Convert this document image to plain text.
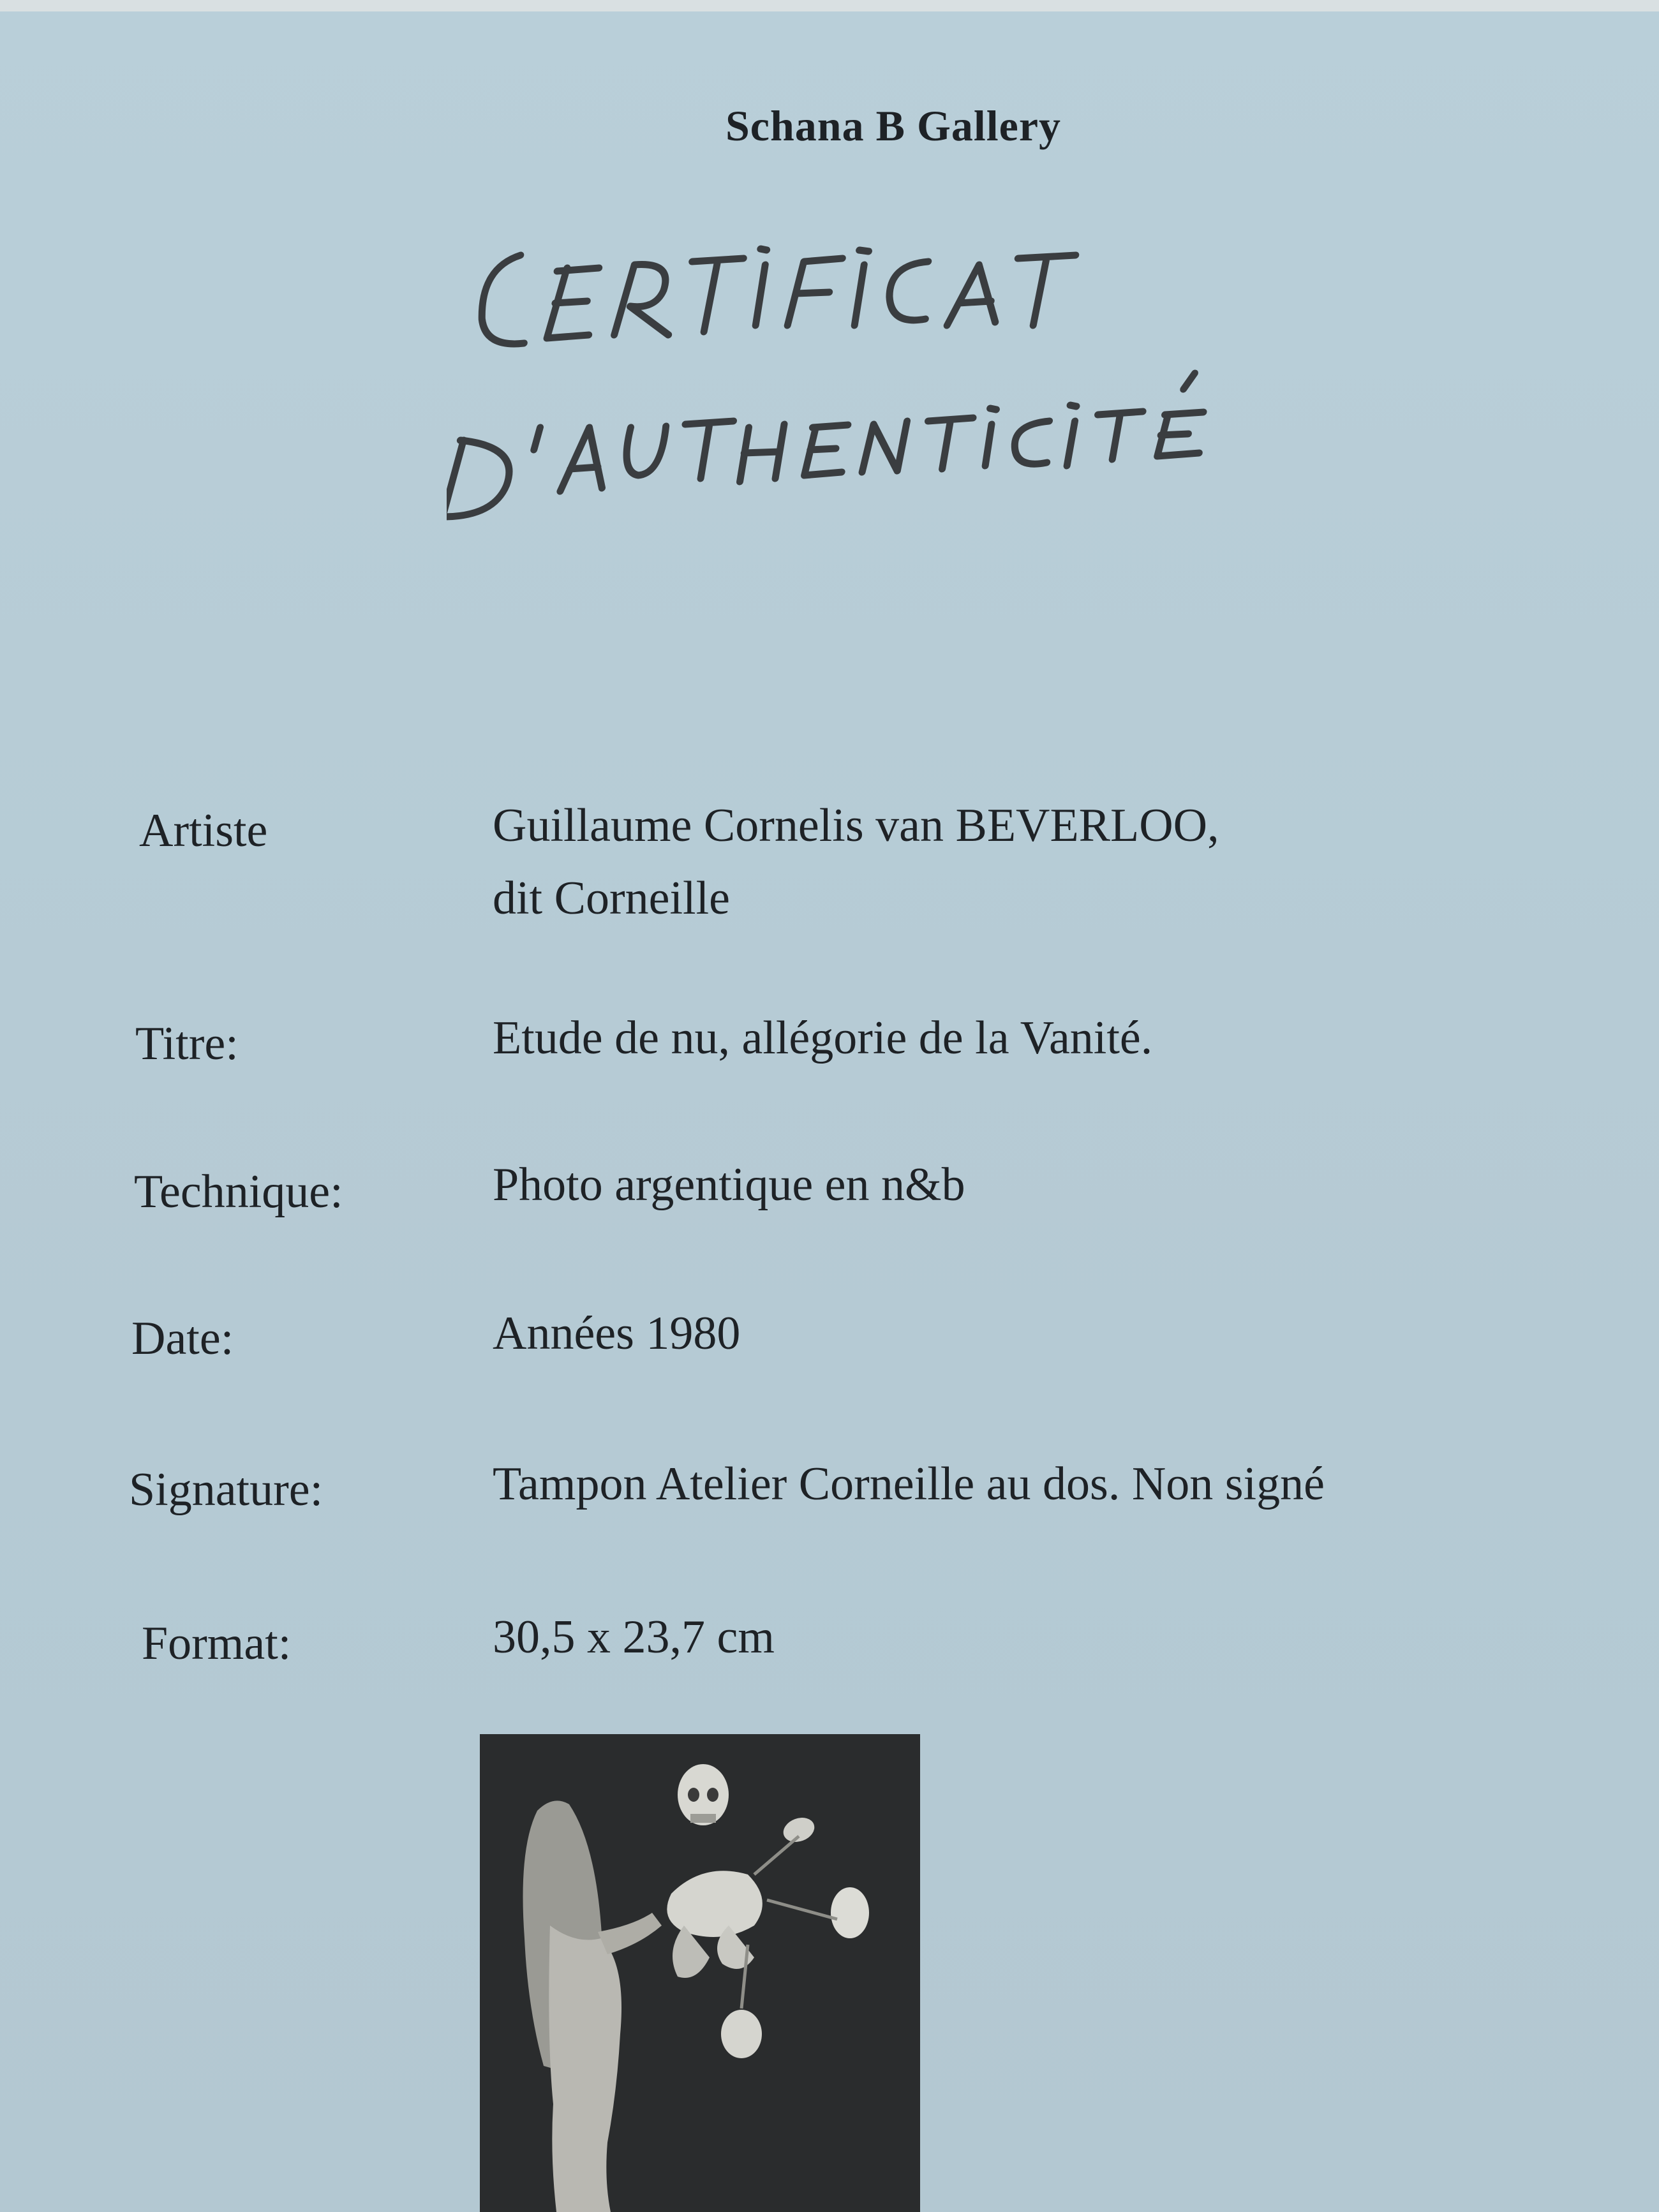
Schana B Gallery
Artiste	Guillaume Cornelis van BEVERLOO,
dit Corneille
Titre:	Etude de nu, allégorie de la Vanité.
Technique:	Photo argentique en n&b
Date:	Années 1980
Signature:	Tampon Atelier Corneille au dos. Non signé
Format:	30,5 x 23,7 cm
